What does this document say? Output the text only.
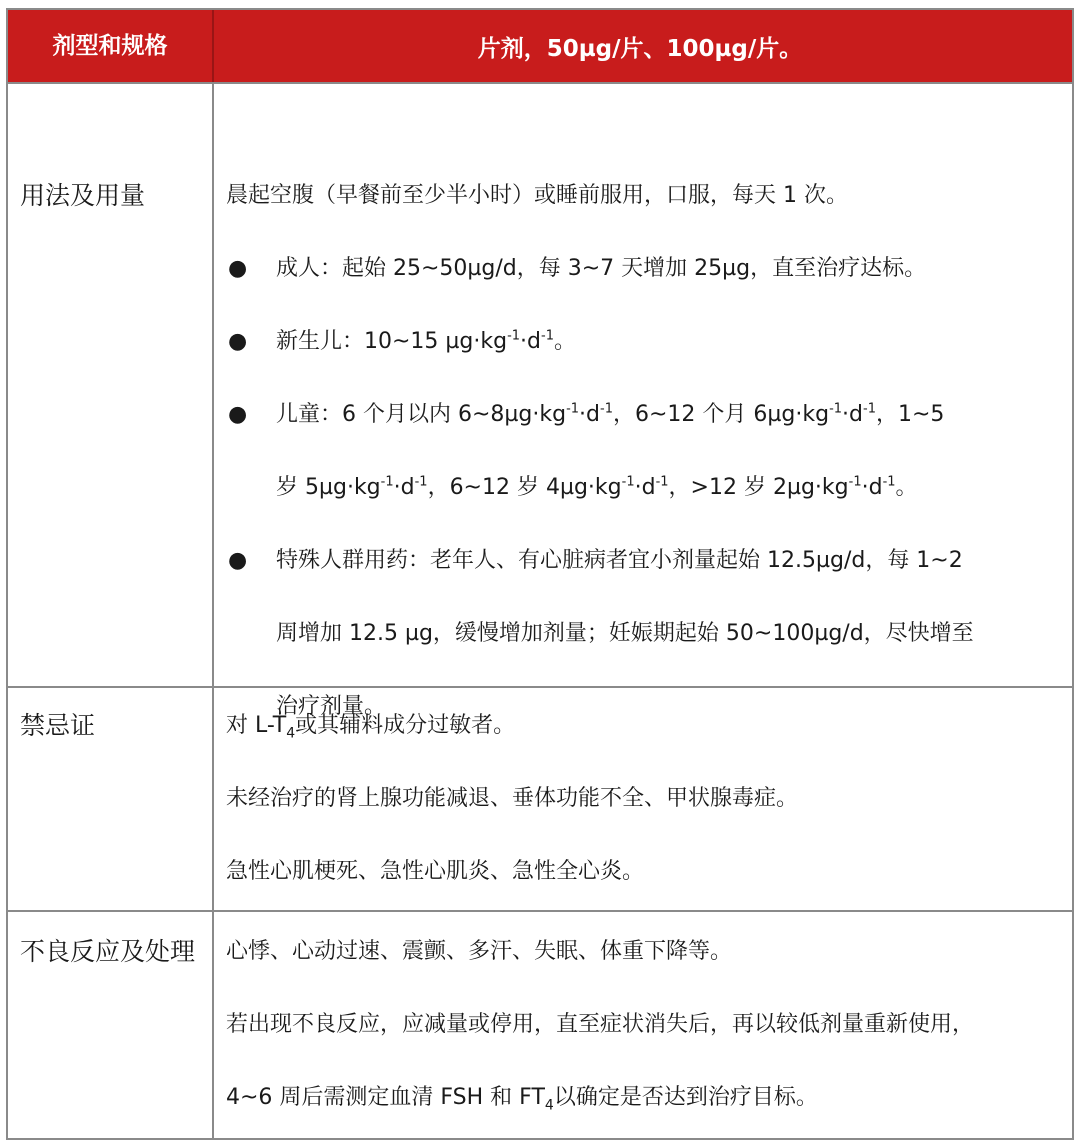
剂型和规格	片剂，50µg/片、100µg/片。
用法及用量	晨起空腹（早餐前至少半小时）或睡前服用，口服，每天 1 次。
●	成人：起始 25~50µg/d，每 3~7 天增加 25µg，直至治疗达标。
●	新生儿：10~15 $\mu g\cdot kg^{-1}\cdot d^{-1}$。
●	儿童：6 个月以内 $6\sim 8\mu g\cdot kg^{-1}\cdot d^{-1}$，6~12 个月 $6\mu g\cdot kg^{-1}\cdot d^{-1}$，1~5
岁 $5\mu g\cdot kg^{-1}\cdot d^{-1}$，6~12 岁 $4\mu g\cdot kg^{-1}\cdot d^{-1}$，>12 岁 $2\mu g\cdot kg^{-1}\cdot d^{-1}$。
●	特殊人群用药：老年人、有心脏病者宜小剂量起始 12.5µg/d，每 1~2
周增加 12.5 µg，缓慢增加剂量；妊娠期起始 50~100µg/d，尽快增至
治疗剂量。
禁忌证	对 $L-T_4$或其辅料成分过敏者。
未经治疗的肾上腺功能减退、垂体功能不全、甲状腺毒症。
急性心肌梗死、急性心肌炎、急性全心炎。
不良反应及处理	心悸、心动过速、震颤、多汗、失眠、体重下降等。
若出现不良反应，应减量或停用，直至症状消失后，再以较低剂量重新使用，
4~6 周后需测定血清 FSH 和 $FT_4$以确定是否达到治疗目标。
